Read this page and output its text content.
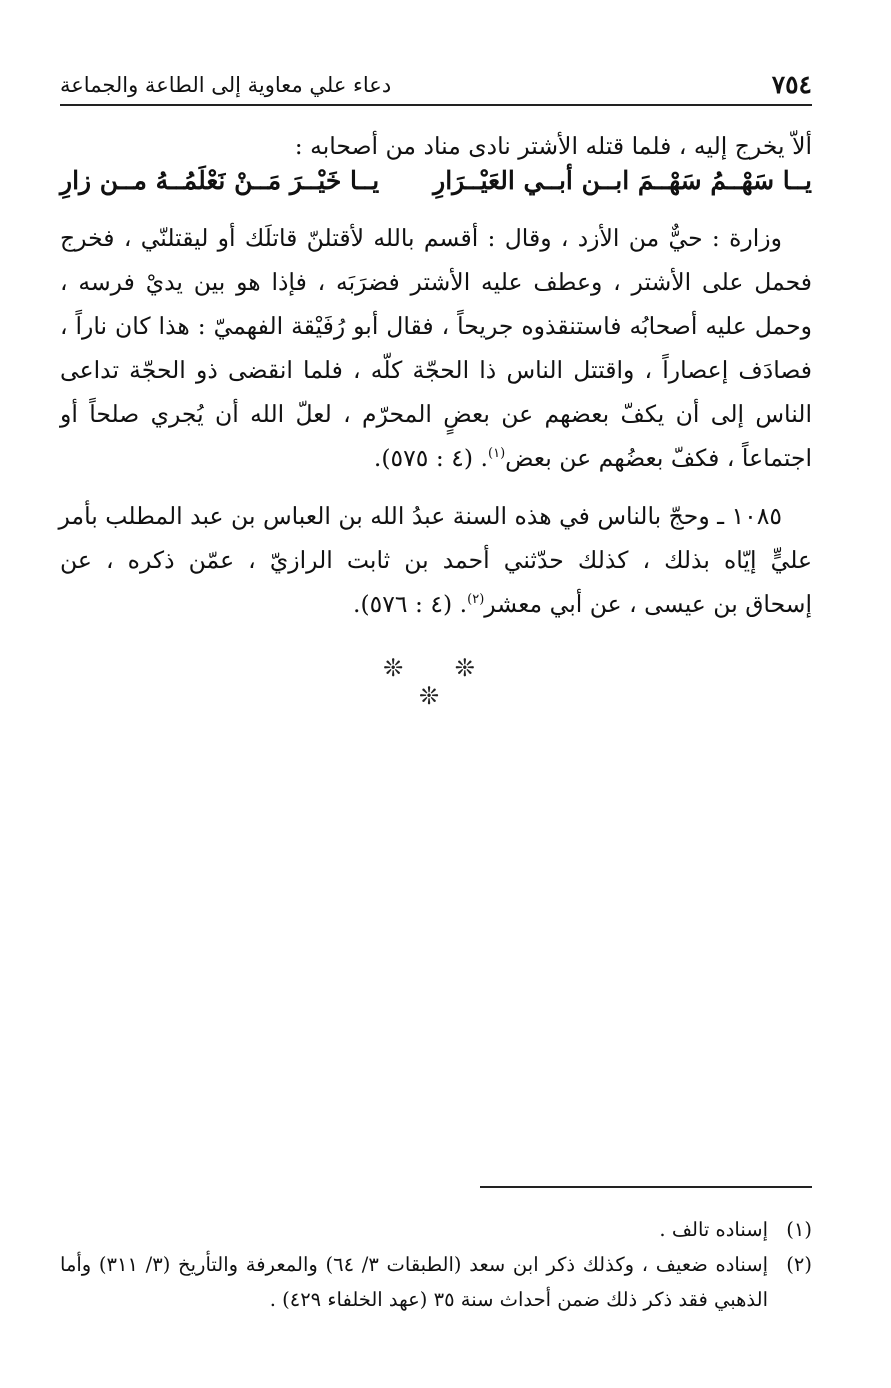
٧٥٤
دعاء علي معاوية إلى الطاعة والجماعة
ألاّ يخرج إليه ، فلما قتله الأشتر نادى مناد من أصحابه :
يــا سَهْــمُ سَهْــمَ ابــن أبــي العَيْــرَارِ
يــا خَيْــرَ مَــنْ نَعْلَمُــهُ مــن زارِ
وزارة : حيٌّ من الأزد ، وقال : أقسم بالله لأقتلنّ قاتلَك أو ليقتلنّي ، فخرج
فحمل على الأشتر ، وعطف عليه الأشتر فضرَبَه ، فإذا هو بين يديْ فرسه ،
وحمل عليه أصحابُه فاستنقذوه جريحاً ، فقال أبو رُفَيْقة الفهميّ : هذا كان ناراً ،
فصادَف إعصاراً ، واقتتل الناس ذا الحجّة كلّه ، فلما انقضى ذو الحجّة تداعى
الناس إلى أن يكفّ بعضهم عن بعضٍ المحرّم ، لعلّ الله أن يُجري صلحاً أو
اجتماعاً ، فكفّ بعضُهم عن بعض$^{(١)}$. (٤ : ٥٧٥).
١٠٨٥ ـ وحجّ بالناس في هذه السنة عبدُ الله بن العباس بن عبد المطلب بأمر
عليٍّ إيّاه بذلك ، كذلك حدّثني أحمد بن ثابت الرازيّ ، عمّن ذكره ، عن
إسحاق بن عيسى ، عن أبي معشر$^{(٢)}$. (٤ : ٥٧٦).
❊ ❊ ❊
(١)
إسناده تالف .
(٢)
إسناده ضعيف ، وكذلك ذكر ابن سعد (الطبقات ٣/ ٦٤) والمعرفة والتأريخ (٣/ ٣١١) وأما
الذهبي فقد ذكر ذلك ضمن أحداث سنة ٣٥ (عهد الخلفاء ٤٢٩) .
